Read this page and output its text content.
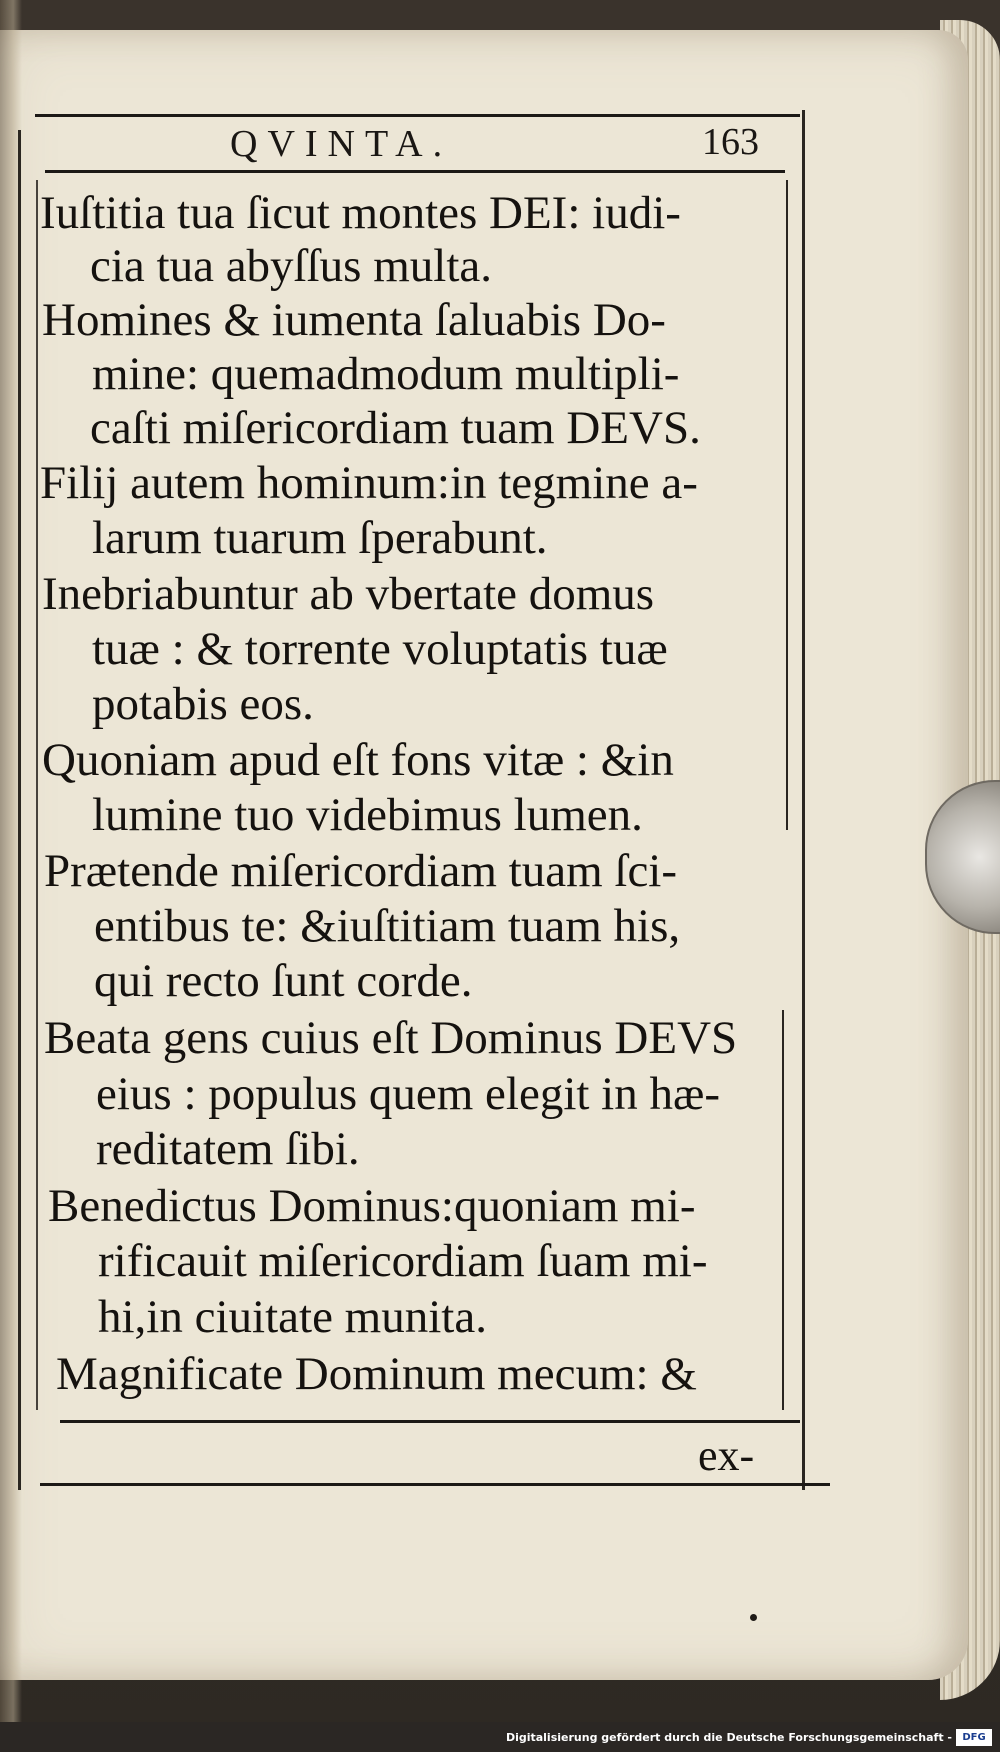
QVINTA.	163
Iuſtitia tua ſicut montes DEI: iudi-
cia tua abyſſus multa.
Homines & iumenta ſaluabis Do-
mine: quemadmodum multipli-
caſti miſericordiam tuam DEVS.
Filij autem hominum:in tegmine a-
larum tuarum ſperabunt.
Inebriabuntur ab vbertate domus
tuæ : & torrente voluptatis tuæ
potabis eos.
Quoniam apud eſt fons vitæ : &in
lumine tuo videbimus lumen.
Prætende miſericordiam tuam ſci-
entibus te: &iuſtitiam tuam his,
qui recto ſunt corde.
Beata gens cuius eſt Dominus DEVS
eius : populus quem elegit in hæ-
reditatem ſibi.
Benedictus Dominus:quoniam mi-
rificauit miſericordiam ſuam mi-
hi,in ciuitate munita.
Magnificate Dominum mecum: &
ex-
Digitalisierung gefördert durch die Deutsche Forschungsgemeinschaft -	DFG
